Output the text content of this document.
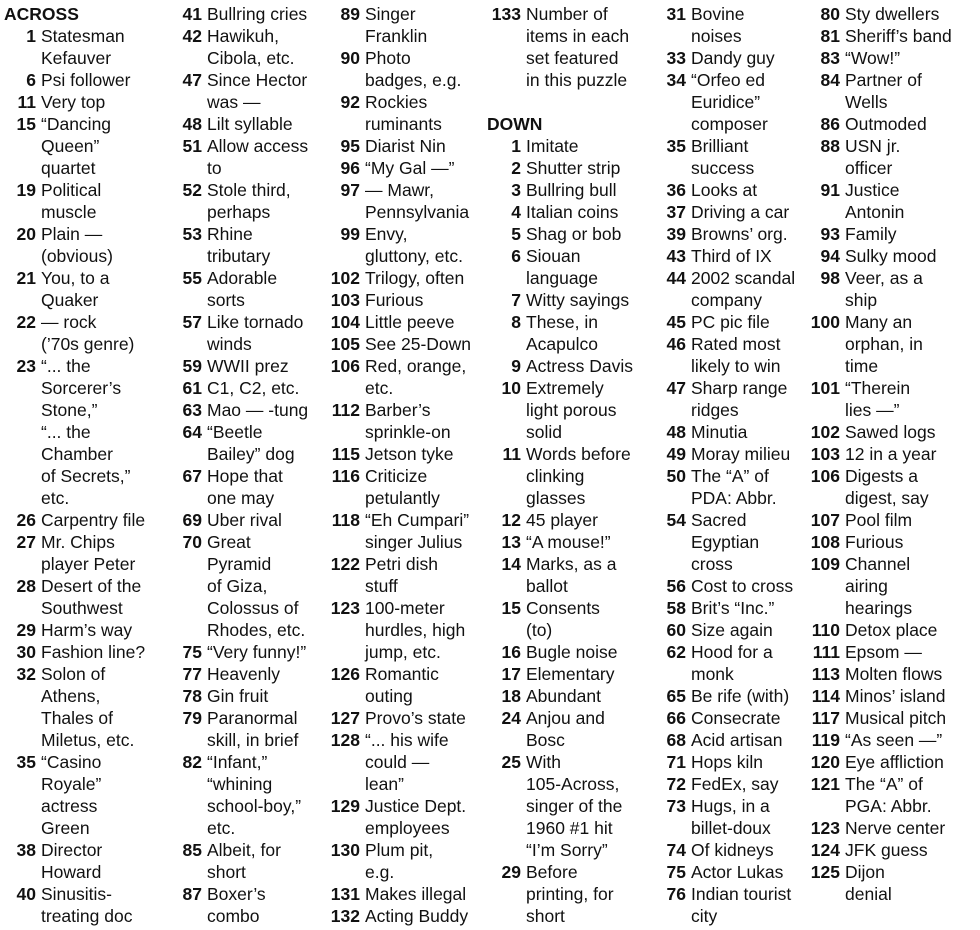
ACROSS
1 Statesman
Kefauver
6 Psi follower
11 Very top
15 “Dancing
Queen”
quartet
19 Political
muscle
20 Plain —
(obvious)
21 You, to a
Quaker
22 — rock
(’70s genre)
23 “... the
Sorcerer’s
Stone,”
“... the
Chamber
of Secrets,”
etc.
26 Carpentry file
27 Mr. Chips
player Peter
28 Desert of the
Southwest
29 Harm’s way
30 Fashion line?
32 Solon of
Athens,
Thales of
Miletus, etc.
35 “Casino
Royale”
actress
Green
38 Director
Howard
40 Sinusitis-
treating doc
41 Bullring cries
42 Hawikuh,
Cibola, etc.
47 Since Hector
was —
48 Lilt syllable
51 Allow access
to
52 Stole third,
perhaps
53 Rhine
tributary
55 Adorable
sorts
57 Like tornado
winds
59 WWII prez
61 C1, C2, etc.
63 Mao — -tung
64 “Beetle
Bailey” dog
67 Hope that
one may
69 Uber rival
70 Great
Pyramid
of Giza,
Colossus of
Rhodes, etc.
75 “Very funny!”
77 Heavenly
78 Gin fruit
79 Paranormal
skill, in brief
82 “Infant,”
“whining
school-boy,”
etc.
85 Albeit, for
short
87 Boxer’s
combo
89 Singer
Franklin
90 Photo
badges, e.g.
92 Rockies
ruminants
95 Diarist Nin
96 “My Gal —”
97 — Mawr,
Pennsylvania
99 Envy,
gluttony, etc.
102 Trilogy, often
103 Furious
104 Little peeve
105 See 25-Down
106 Red, orange,
etc.
112 Barber’s
sprinkle-on
115 Jetson tyke
116 Criticize
petulantly
118 “Eh Cumpari”
singer Julius
122 Petri dish
stuff
123 100-meter
hurdles, high
jump, etc.
126 Romantic
outing
127 Provo’s state
128 “... his wife
could —
lean”
129 Justice Dept.
employees
130 Plum pit,
e.g.
131 Makes illegal
132 Acting Buddy
133 Number of
items in each
set featured
in this puzzle
DOWN
1 Imitate
2 Shutter strip
3 Bullring bull
4 Italian coins
5 Shag or bob
6 Siouan
language
7 Witty sayings
8 These, in
Acapulco
9 Actress Davis
10 Extremely
light porous
solid
11 Words before
clinking
glasses
12 45 player
13 “A mouse!”
14 Marks, as a
ballot
15 Consents
(to)
16 Bugle noise
17 Elementary
18 Abundant
24 Anjou and
Bosc
25 With
105-Across,
singer of the
1960 #1 hit
“I’m Sorry”
29 Before
printing, for
short
31 Bovine
noises
33 Dandy guy
34 “Orfeo ed
Euridice”
composer
35 Brilliant
success
36 Looks at
37 Driving a car
39 Browns’ org.
43 Third of IX
44 2002 scandal
company
45 PC pic file
46 Rated most
likely to win
47 Sharp range
ridges
48 Minutia
49 Moray milieu
50 The “A” of
PDA: Abbr.
54 Sacred
Egyptian
cross
56 Cost to cross
58 Brit’s “Inc.”
60 Size again
62 Hood for a
monk
65 Be rife (with)
66 Consecrate
68 Acid artisan
71 Hops kiln
72 FedEx, say
73 Hugs, in a
billet-doux
74 Of kidneys
75 Actor Lukas
76 Indian tourist
city
80 Sty dwellers
81 Sheriff’s band
83 “Wow!”
84 Partner of
Wells
86 Outmoded
88 USN jr.
officer
91 Justice
Antonin
93 Family
94 Sulky mood
98 Veer, as a
ship
100 Many an
orphan, in
time
101 “Therein
lies —”
102 Sawed logs
103 12 in a year
106 Digests a
digest, say
107 Pool film
108 Furious
109 Channel
airing
hearings
110 Detox place
111 Epsom —
113 Molten flows
114 Minos’ island
117 Musical pitch
119 “As seen —”
120 Eye affliction
121 The “A” of
PGA: Abbr.
123 Nerve center
124 JFK guess
125 Dijon
denial
